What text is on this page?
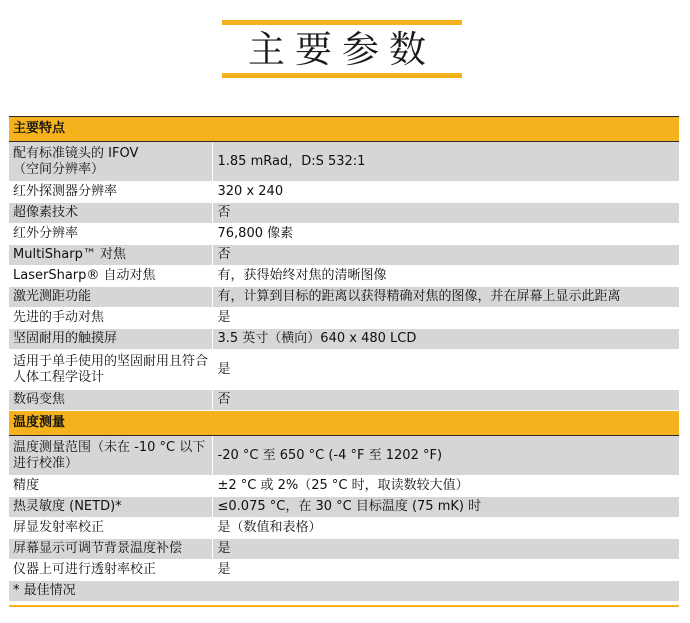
主要参数
主要特点	
配有标准镜头的 IFOV
（空间分辨率）	1.85 mRad，D:S 532:1
红外探测器分辨率	320 x 240
超像素技术	否
红外分辨率	76,800 像素
MultiSharp™ 对焦	否
LaserSharp® 自动对焦	有，获得始终对焦的清晰图像
激光测距功能	有，计算到目标的距离以获得精确对焦的图像，并在屏幕上显示此距离
先进的手动对焦	是
坚固耐用的触摸屏	3.5 英寸（横向）640 x 480 LCD
适用于单手使用的坚固耐用且符合人体工程学设计	是
数码变焦	否
温度测量	
温度测量范围（未在 -10 °C 以下进行校准）	-20 °C 至 650 °C (-4 °F 至 1202 °F)
精度	±2 °C 或 2%（25 °C 时，取读数较大值）
热灵敏度 (NETD)*	≤0.075 °C，在 30 °C 目标温度 (75 mK) 时
屏显发射率校正	是（数值和表格）
屏幕显示可调节背景温度补偿	是
仪器上可进行透射率校正	是
* 最佳情况	
